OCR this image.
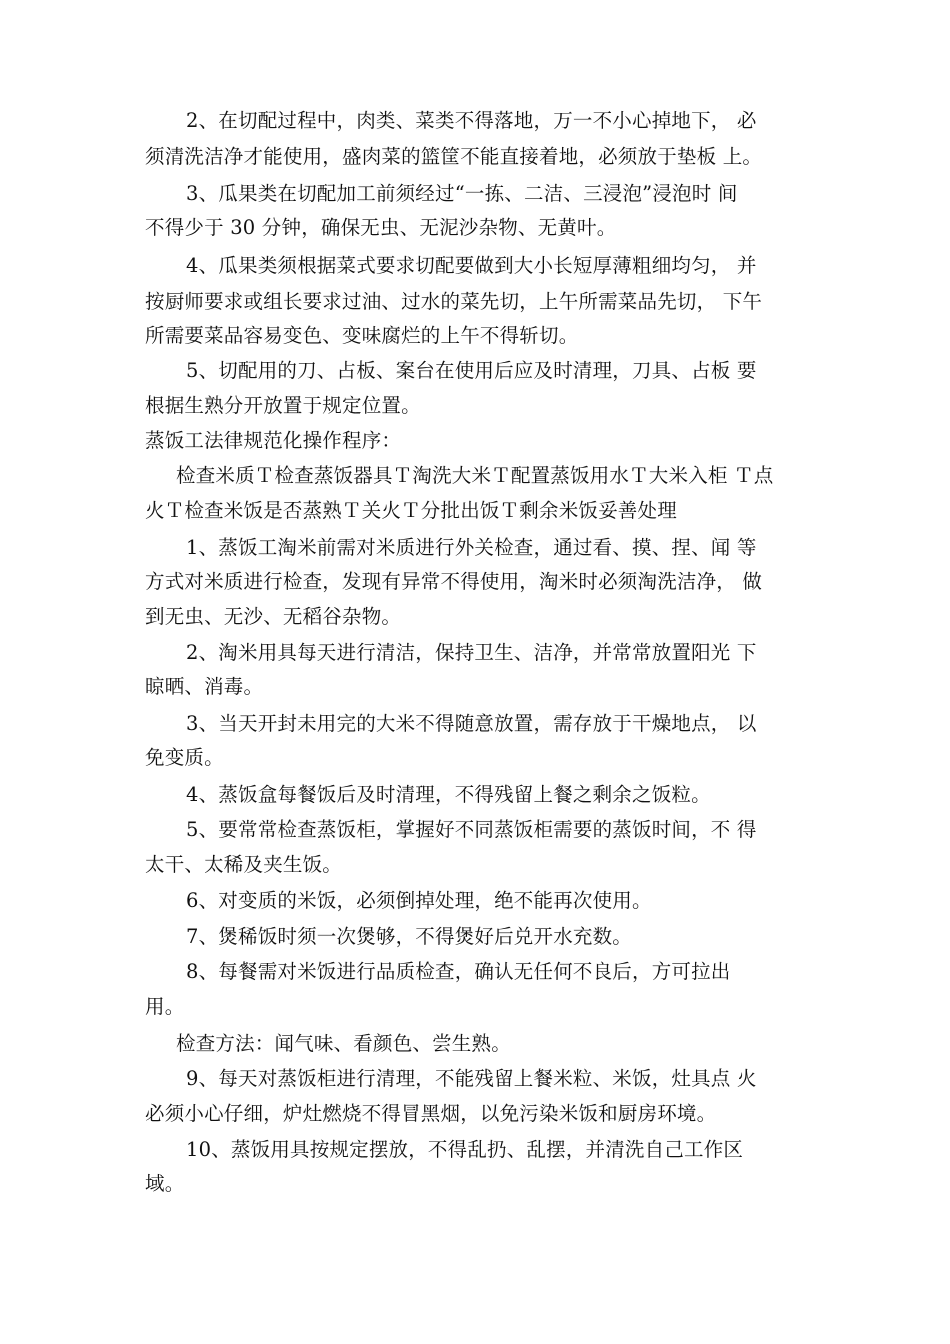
2、在切配过程中，肉类、菜类不得落地，万一不小心掉地下， 必
须清洗洁净才能使用，盛肉菜的篮筐不能直接着地，必须放于垫板 上。
3、瓜果类在切配加工前须经过“一拣、二洁、三浸泡”浸泡时 间
不得少于 30 分钟，确保无虫、无泥沙杂物、无黄叶。
4、瓜果类须根据菜式要求切配要做到大小长短厚薄粗细均匀， 并
按厨师要求或组长要求过油、过水的菜先切，上午所需菜品先切， 下午
所需要菜品容易变色、变味腐烂的上午不得斩切。
5、切配用的刀、占板、案台在使用后应及时清理，刀具、占板 要
根据生熟分开放置于规定位置。
蒸饭工法律规范化操作程序：
检查米质Ｔ检查蒸饭器具Ｔ淘洗大米Ｔ配置蒸饭用水Ｔ大米入柜 Ｔ点
火Ｔ检查米饭是否蒸熟Ｔ关火Ｔ分批出饭Ｔ剩余米饭妥善处理
1、蒸饭工淘米前需对米质进行外关检查，通过看、摸、捏、闻 等
方式对米质进行检查，发现有异常不得使用，淘米时必须淘洗洁净， 做
到无虫、无沙、无稻谷杂物。
2、淘米用具每天进行清洁，保持卫生、洁净，并常常放置阳光 下
晾晒、消毒。
3、当天开封未用完的大米不得随意放置，需存放于干燥地点， 以
免变质。
4、蒸饭盒每餐饭后及时清理，不得残留上餐之剩余之饭粒。
5、要常常检查蒸饭柜，掌握好不同蒸饭柜需要的蒸饭时间，不 得
太干、太稀及夹生饭。
6、对变质的米饭，必须倒掉处理，绝不能再次使用。
7、煲稀饭时须一次煲够，不得煲好后兑开水充数。
8、每餐需对米饭进行品质检查，确认无任何不良后，方可拉出
用。
检查方法：闻气味、看颜色、尝生熟。
9、每天对蒸饭柜进行清理，不能残留上餐米粒、米饭，灶具点 火
必须小心仔细，炉灶燃烧不得冒黑烟，以免污染米饭和厨房环境。
10、蒸饭用具按规定摆放，不得乱扔、乱摆，并清洗自己工作区
域。
